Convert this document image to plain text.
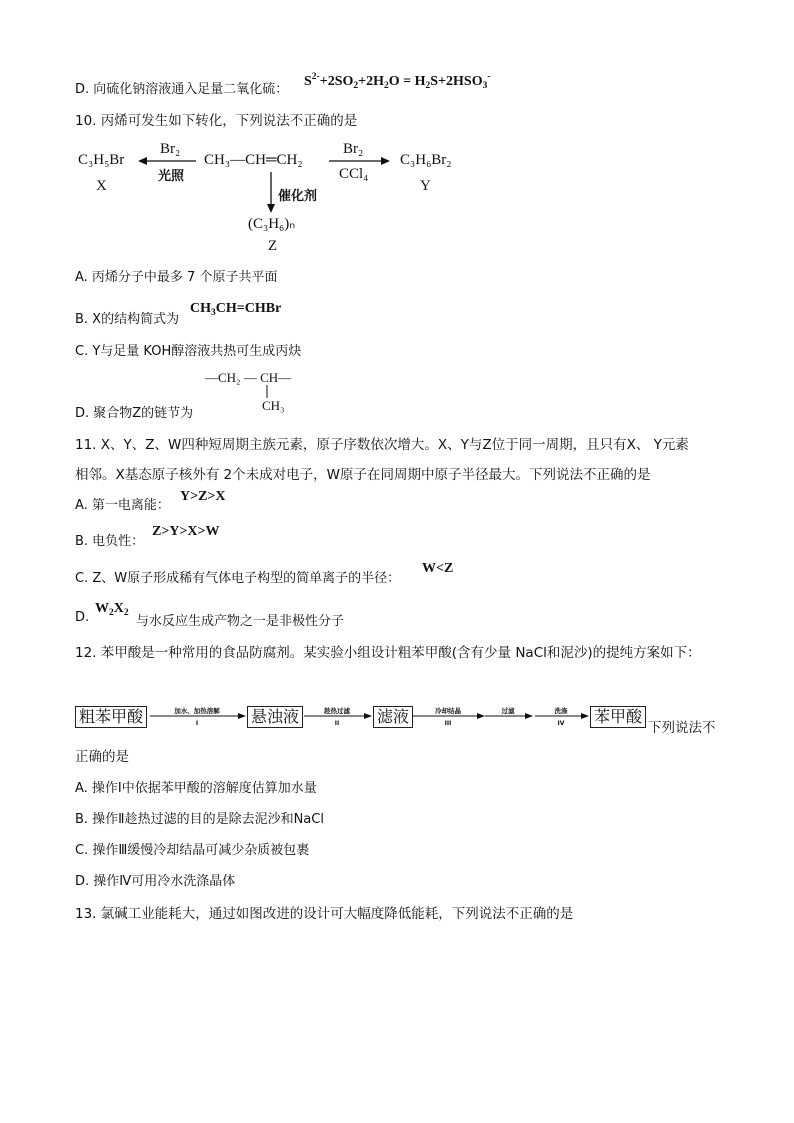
D. 向硫化钠溶液通入足量二氧化硫：
$S^{2-}+2SO_2+2H_2O = H_2S+2HSO_3^-$
10. 丙烯可发生如下转化，下列说法不正确的是
C₃H₅Br
X
Br₂
光照
CH₃—CH═CH₂
Br₂
CCl₄
C₃H₆Br₂
Y
催化剂
(C₃H₆)ₙ
Z
A. 丙烯分子中最多 7 个原子共平面
B. X的结构简式为
$CH_3CH=CHBr$
C. Y与足量 KOH醇溶液共热可生成丙炔
D. 聚合物Z的链节为
—CH₂ — CH—
CH₃
11. X、Y、Z、W四种短周期主族元素，原子序数依次增大。X、Y与Z位于同一周期，且只有X、 Y元素
相邻。X基态原子核外有 2个未成对电子，W原子在同周期中原子半径最大。下列说法不正确的是
A. 第一电离能：
Y>Z>X
B. 电负性：
Z>Y>X>W
C. Z、W原子形成稀有气体电子构型的简单离子的半径：
W<Z
D.
$W_2X_2$
与水反应生成产物之一是非极性分子
12. 苯甲酸是一种常用的食品防腐剂。某实验小组设计粗苯甲酸(含有少量 NaCl和泥沙)的提纯方案如下：
粗苯甲酸	悬浊液	滤液	苯甲酸
加水、加热溶解
I
趁热过滤
II
冷却结晶
III
过滤	洗涤
IV	下列说法不
正确的是
A. 操作Ⅰ中依据苯甲酸的溶解度估算加水量
B. 操作Ⅱ趁热过滤的目的是除去泥沙和NaCl
C. 操作Ⅲ缓慢冷却结晶可减少杂质被包裹
D. 操作Ⅳ可用冷水洗涤晶体
13. 氯碱工业能耗大，通过如图改进的设计可大幅度降低能耗，下列说法不正确的是
